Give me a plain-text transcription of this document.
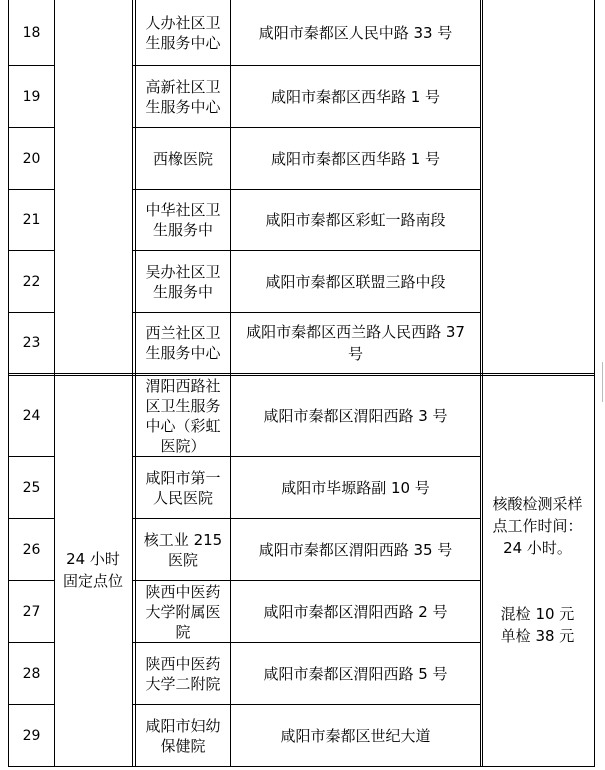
18
人办社区卫
生服务中心
咸阳市秦都区人民中路 33 号
19
高新社区卫
生服务中心
咸阳市秦都区西华路 1 号
20	西橡医院	咸阳市秦都区西华路 1 号
21
中华社区卫
生服务中
咸阳市秦都区彩虹一路南段
22
吴办社区卫
生服务中
咸阳市秦都区联盟三路中段
23
西兰社区卫
生服务中心
咸阳市秦都区西兰路人民西路 37
号
24
渭阳西路社
区卫生服务
中心（彩虹
医院）
咸阳市秦都区渭阳西路 3 号
25
咸阳市第一
人民医院
咸阳市毕塬路副 10 号
26
核工业 215
医院
咸阳市秦都区渭阳西路 35 号
27
陕西中医药
大学附属医
院
咸阳市秦都区渭阳西路 2 号
28
陕西中医药
大学二附院
咸阳市秦都区渭阳西路 5 号
29
咸阳市妇幼
保健院
咸阳市秦都区世纪大道
24 小时
固定点位
核酸检测采样
点工作时间：
24 小时。

混检 10 元
单检 38 元
